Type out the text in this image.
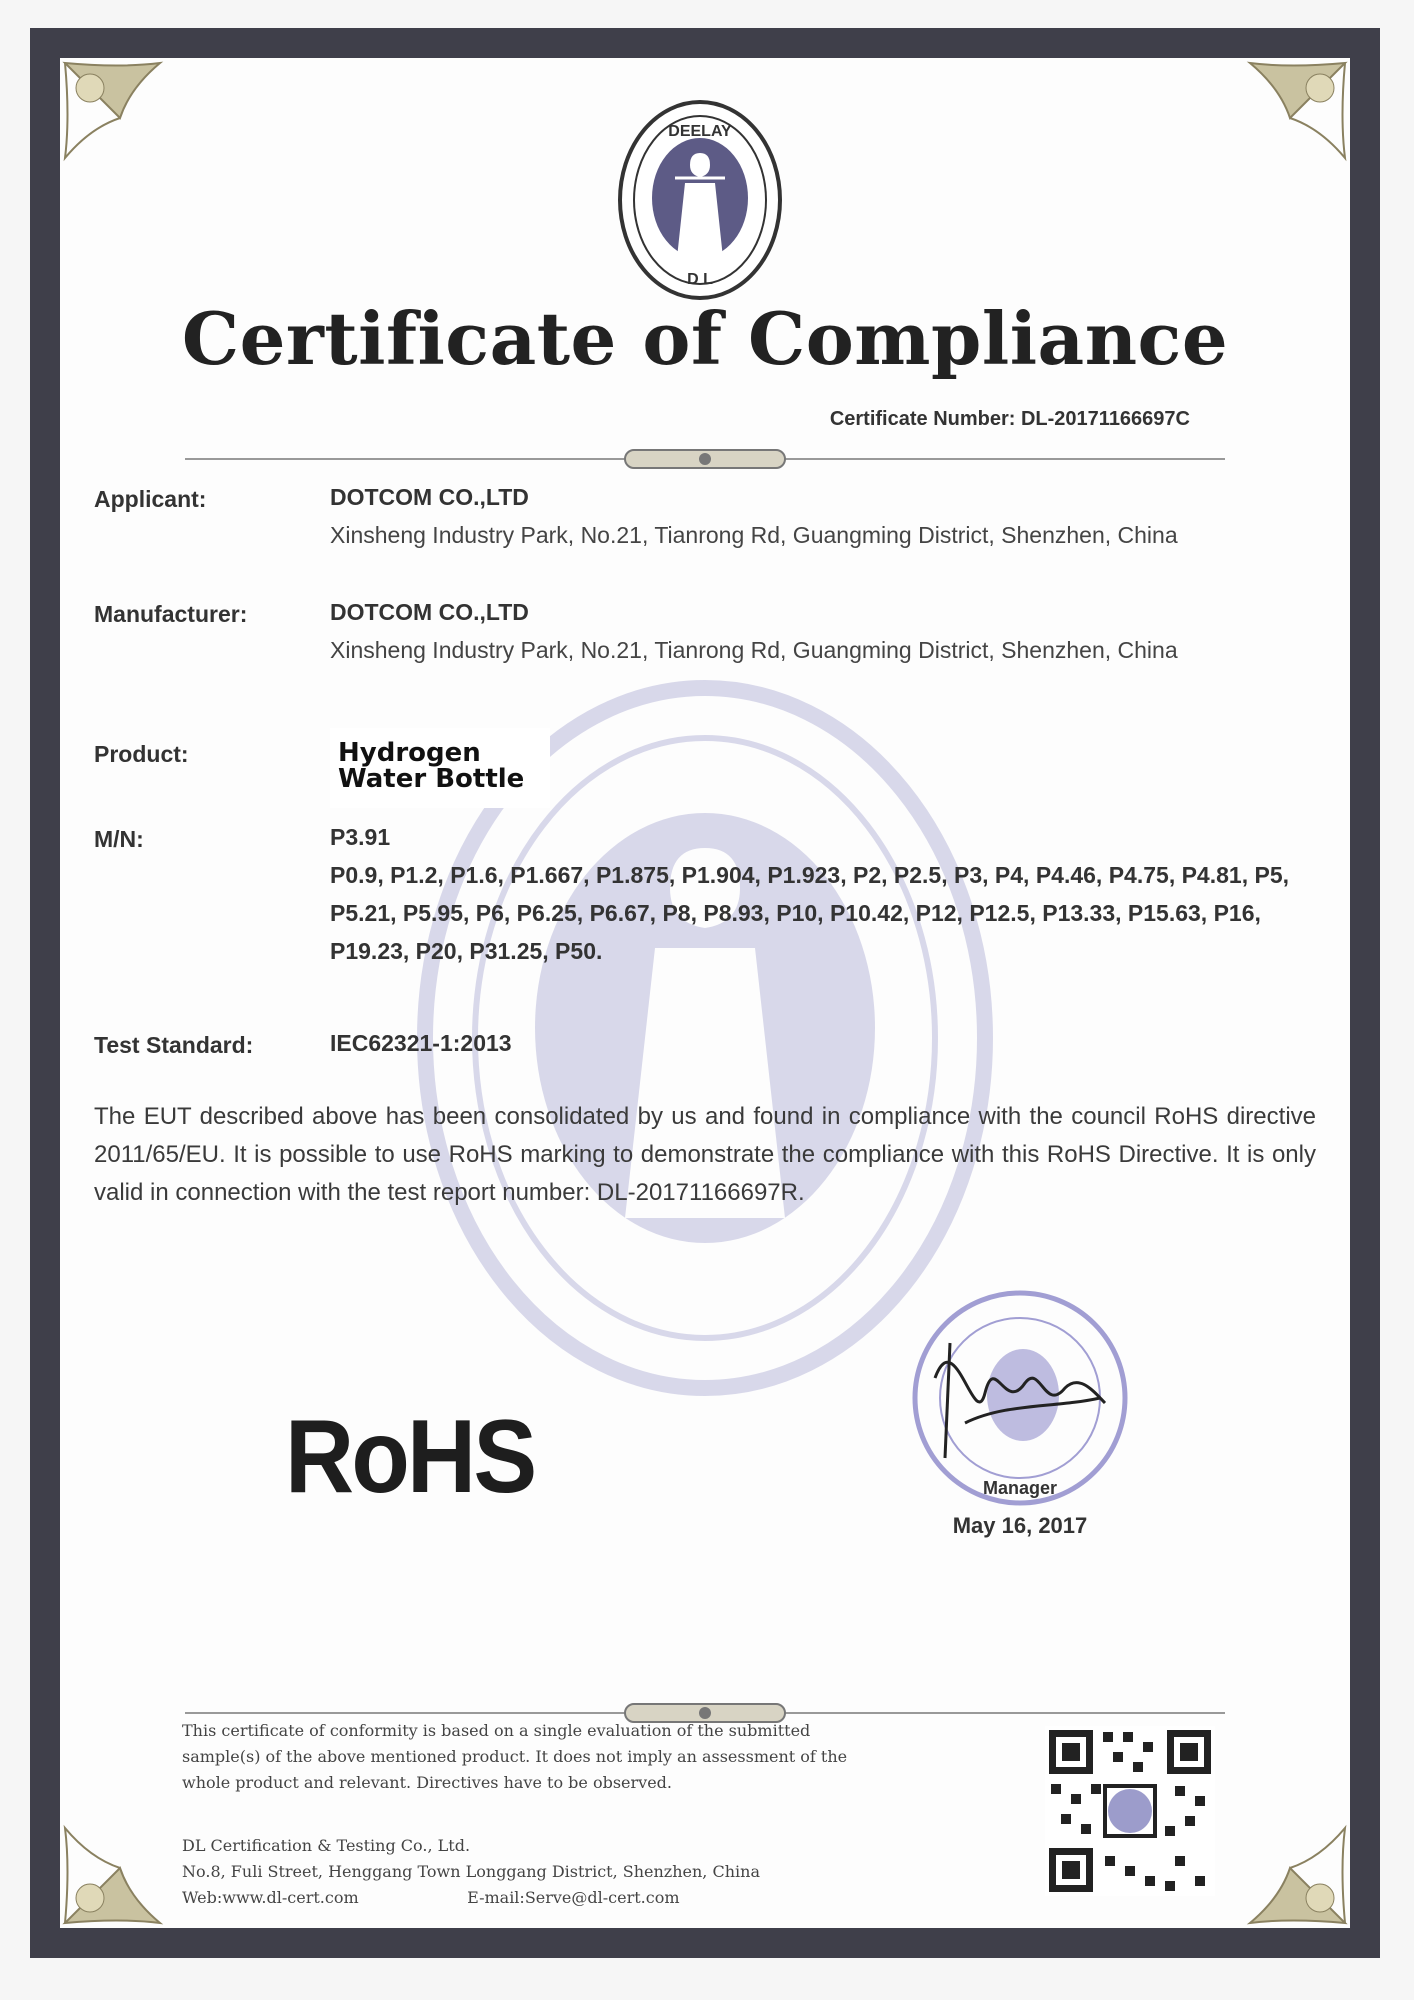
DEELAY
D L
Certificate of Compliance
Certificate Number: DL-20171166697C
Applicant:	DOTCOM CO.,LTD
Xinsheng Industry Park, No.21, Tianrong Rd, Guangming District, Shenzhen, China
Manufacturer:	DOTCOM CO.,LTD
Xinsheng Industry Park, No.21, Tianrong Rd, Guangming District, Shenzhen, China
Product:	Hydrogen Water Bottle
M/N:	P3.91
P0.9, P1.2, P1.6, P1.667, P1.875, P1.904, P1.923, P2, P2.5, P3, P4, P4.46, P4.75, P4.81, P5, P5.21, P5.95, P6, P6.25, P6.67, P8, P8.93, P10, P10.42, P12, P12.5, P13.33, P15.63, P16, P19.23, P20, P31.25, P50.
Test Standard:	IEC62321-1:2013
The EUT described above has been consolidated by us and found in compliance with the council RoHS directive 2011/65/EU. It is possible to use RoHS marking to demonstrate the compliance with this RoHS Directive. It is only valid in connection with the test report number: DL-20171166697R.
RoHS	Manager
May 16, 2017
This certificate of conformity is based on a single evaluation of the submitted sample(s) of the above mentioned product. It does not imply an assessment of the whole product and relevant. Directives have to be observed.
DL Certification & Testing Co., Ltd.
No.8, Fuli Street, Henggang Town Longgang District, Shenzhen, China
Web:www.dl-cert.com	E-mail:Serve@dl-cert.com
